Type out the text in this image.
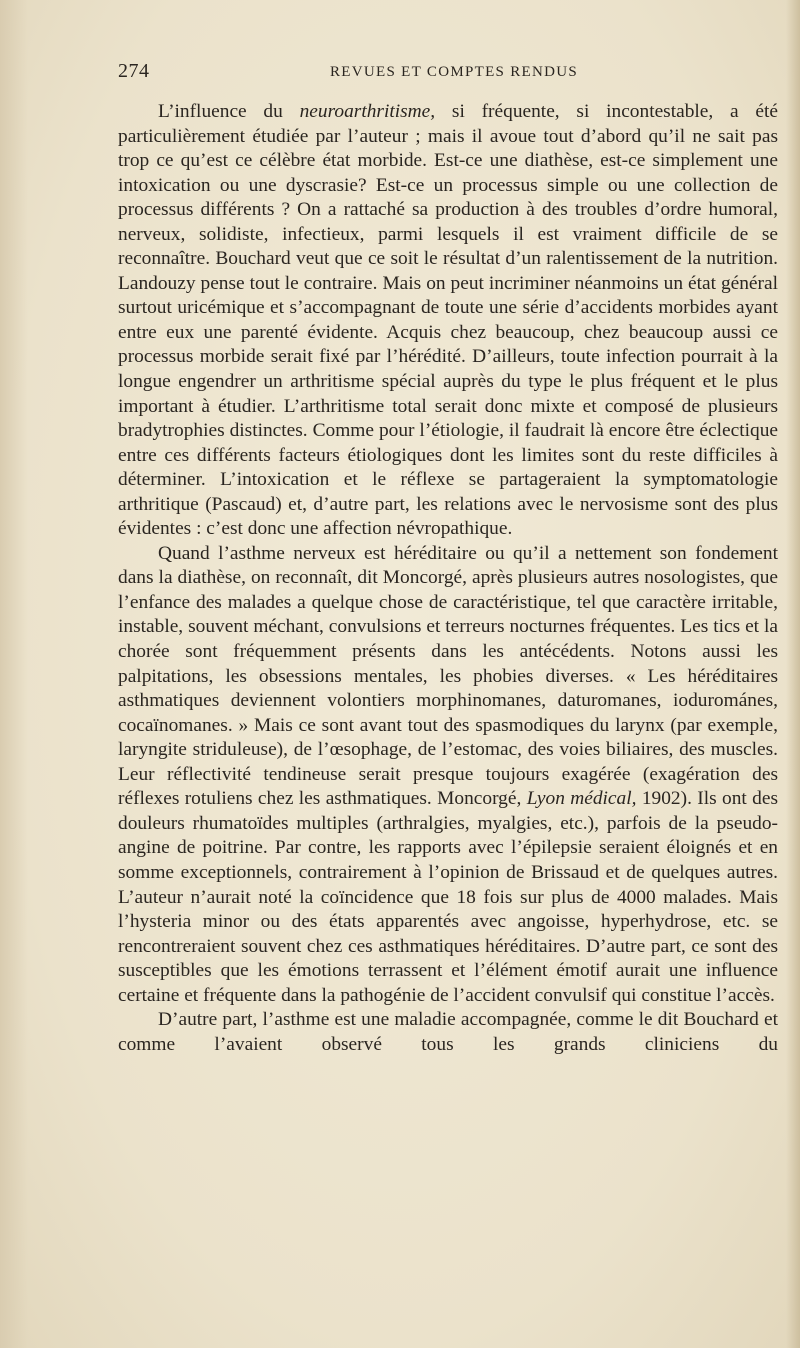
274	REVUES ET COMPTES RENDUS

L’influence du neuroarthritisme, si fréquente, si incontestable, a été particulièrement étudiée par l’auteur ; mais il avoue tout d’abord qu’il ne sait pas trop ce qu’est ce célèbre état morbide. Est-ce une diathèse, est-ce simplement une intoxication ou une dyscrasie? Est-ce un processus simple ou une collection de processus différents ? On a rattaché sa production à des troubles d’ordre humoral, nerveux, solidiste, infectieux, parmi lesquels il est vraiment difficile de se reconnaître. Bouchard veut que ce soit le résultat d’un ralentissement de la nutrition. Landouzy pense tout le contraire. Mais on peut incriminer néanmoins un état général surtout uricémique et s’accompagnant de toute une série d’accidents morbides ayant entre eux une parenté évidente. Acquis chez beaucoup, chez beaucoup aussi ce processus morbide serait fixé par l’hérédité. D’ailleurs, toute infection pourrait à la longue engendrer un arthritisme spécial auprès du type le plus fréquent et le plus important à étudier. L’arthritisme total serait donc mixte et composé de plusieurs bradytrophies distinctes. Comme pour l’étiologie, il faudrait là encore être éclectique entre ces différents facteurs étiologiques dont les limites sont du reste difficiles à déterminer. L’intoxication et le réflexe se partageraient la symptomatologie arthritique (Pascaud) et, d’autre part, les relations avec le nervosisme sont des plus évidentes : c’est donc une affection névropathique.

Quand l’asthme nerveux est héréditaire ou qu’il a nettement son fondement dans la diathèse, on reconnaît, dit Moncorgé, après plusieurs autres nosologistes, que l’enfance des malades a quelque chose de caractéristique, tel que caractère irritable, instable, souvent méchant, convulsions et terreurs nocturnes fréquentes. Les tics et la chorée sont fréquemment présents dans les antécédents. Notons aussi les palpitations, les obsessions mentales, les phobies diverses. « Les héréditaires asthmatiques deviennent volontiers morphinomanes, daturomanes, iodurománes, cocaïnomanes. » Mais ce sont avant tout des spasmodiques du larynx (par exemple, laryngite striduleuse), de l’œsophage, de l’estomac, des voies biliaires, des muscles. Leur réflectivité tendineuse serait presque toujours exagérée (exagération des réflexes rotuliens chez les asthmatiques. Moncorgé, Lyon médical, 1902). Ils ont des douleurs rhumatoïdes multiples (arthralgies, myalgies, etc.), parfois de la pseudo-angine de poitrine. Par contre, les rapports avec l’épilepsie seraient éloignés et en somme exceptionnels, contrairement à l’opinion de Brissaud et de quelques autres. L’auteur n’aurait noté la coïncidence que 18 fois sur plus de 4000 malades. Mais l’hysteria minor ou des états apparentés avec angoisse, hyperhydrose, etc. se rencontreraient souvent chez ces asthmatiques héréditaires. D’autre part, ce sont des susceptibles que les émotions terrassent et l’élément émotif aurait une influence certaine et fréquente dans la pathogénie de l’accident convulsif qui constitue l’accès.

D’autre part, l’asthme est une maladie accompagnée, comme le dit Bouchard et comme l’avaient observé tous les grands cliniciens du
